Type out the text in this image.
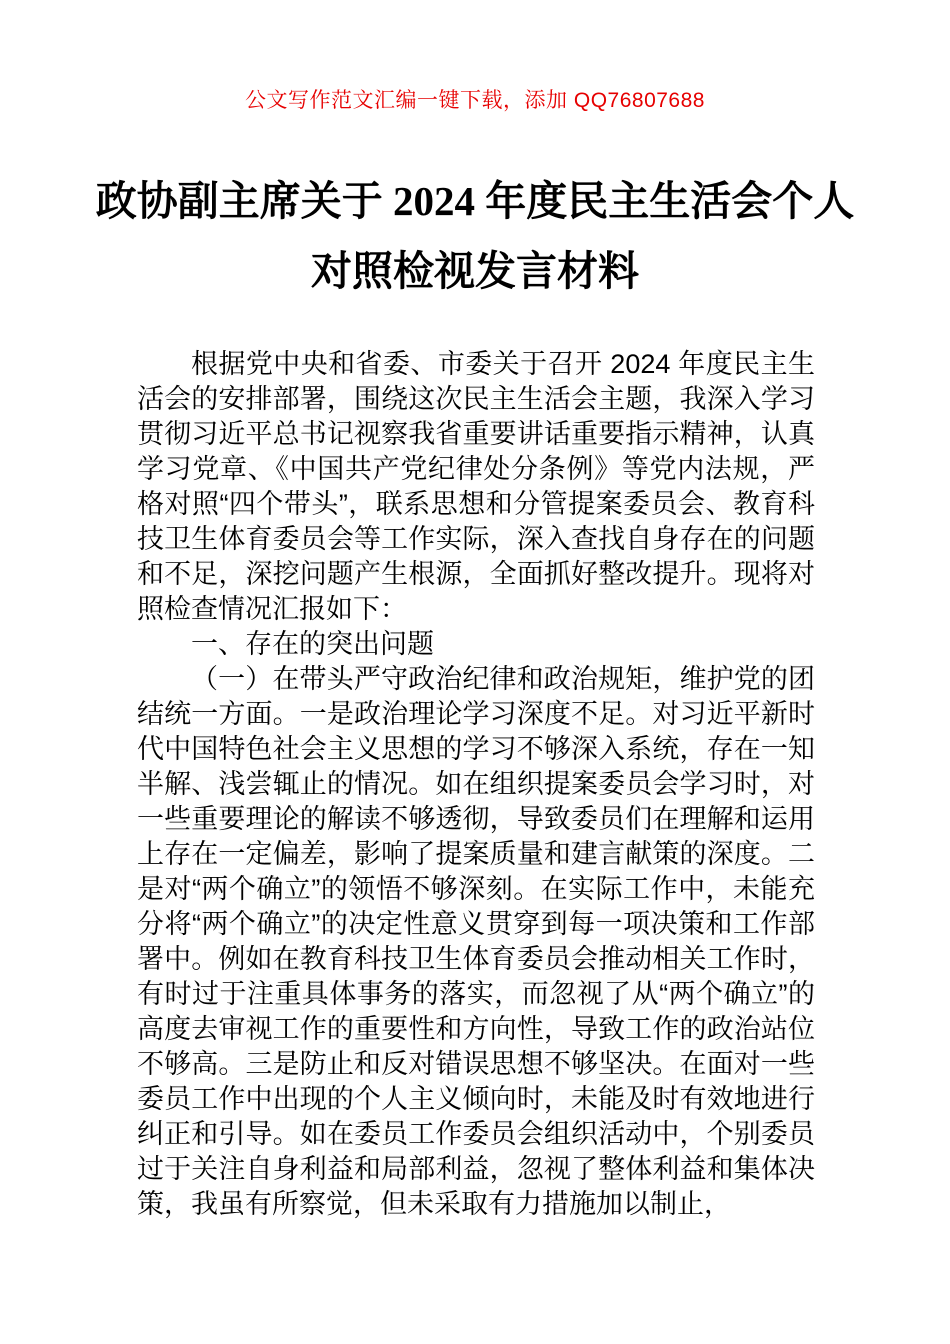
公文写作范文汇编一键下载，添加 QQ76807688
政协副主席关于 2024 年度民主生活会个人
对照检视发言材料

根据党中央和省委、市委关于召开 2024 年度民主生活会的安排部署，围绕这次民主生活会主题，我深入学习贯彻习近平总书记视察我省重要讲话重要指示精神，认真学习党章、《中国共产党纪律处分条例》等党内法规，严格对照“四个带头”，联系思想和分管提案委员会、教育科技卫生体育委员会等工作实际，深入查找自身存在的问题和不足，深挖问题产生根源，全面抓好整改提升。现将对照检查情况汇报如下：

一、存在的突出问题

（一）在带头严守政治纪律和政治规矩，维护党的团结统一方面。一是政治理论学习深度不足。对习近平新时代中国特色社会主义思想的学习不够深入系统，存在一知半解、浅尝辄止的情况。如在组织提案委员会学习时，对一些重要理论的解读不够透彻，导致委员们在理解和运用上存在一定偏差，影响了提案质量和建言献策的深度。二是对“两个确立”的领悟不够深刻。在实际工作中，未能充分将“两个确立”的决定性意义贯穿到每一项决策和工作部署中。例如在教育科技卫生体育委员会推动相关工作时，有时过于注重具体事务的落实，而忽视了从“两个确立”的高度去审视工作的重要性和方向性，导致工作的政治站位不够高。三是防止和反对错误思想不够坚决。在面对一些委员工作中出现的个人主义倾向时，未能及时有效地进行纠正和引导。如在委员工作委员会组织活动中，个别委员过于关注自身利益和局部利益，忽视了整体利益和集体决策，我虽有所察觉，但未采取有力措施加以制止，
